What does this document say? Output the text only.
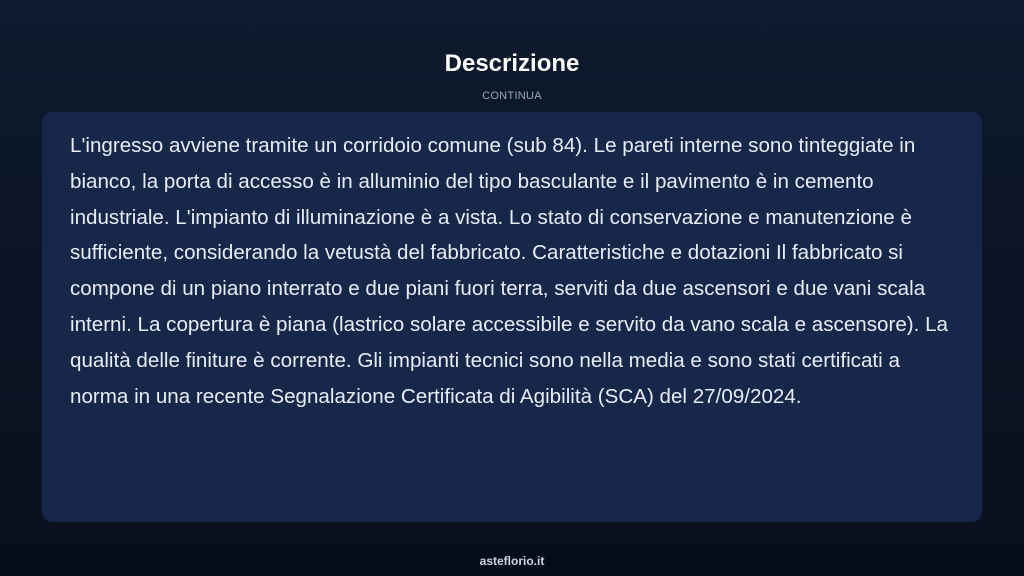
Descrizione
CONTINUA

L'ingresso avviene tramite un corridoio comune (sub 84). Le pareti interne sono tinteggiate in bianco, la porta di accesso è in alluminio del tipo basculante e il pavimento è in cemento industriale. L'impianto di illuminazione è a vista. Lo stato di conservazione e manutenzione è sufficiente, considerando la vetustà del fabbricato. Caratteristiche e dotazioni Il fabbricato si compone di un piano interrato e due piani fuori terra, serviti da due ascensori e due vani scala interni. La copertura è piana (lastrico solare accessibile e servito da vano scala e ascensore). La qualità delle finiture è corrente. Gli impianti tecnici sono nella media e sono stati certificati a norma in una recente Segnalazione Certificata di Agibilità (SCA) del 27/09/2024.

asteflorio.it
